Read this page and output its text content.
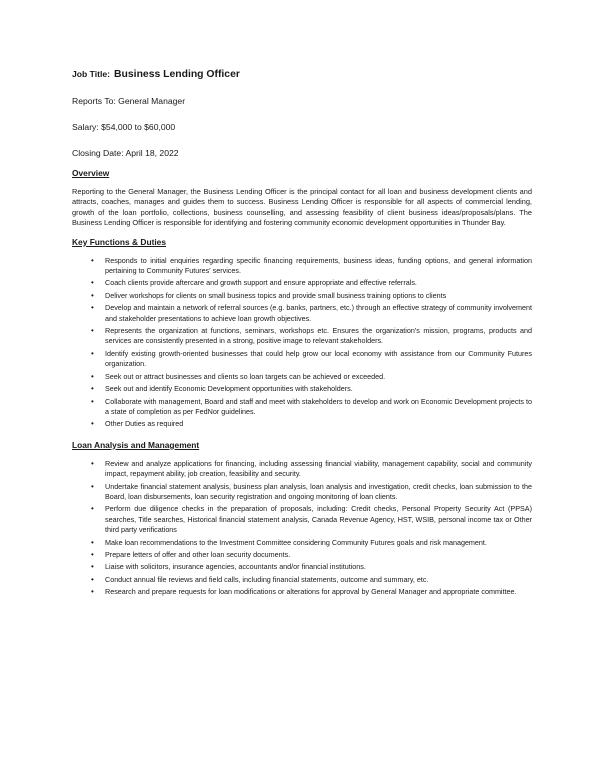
Job Title: Business Lending Officer
Reports To: General Manager
Salary: $54,000 to $60,000
Closing Date: April 18, 2022
Overview

Reporting to the General Manager, the Business Lending Officer is the principal contact for all loan and business development clients and attracts, coaches, manages and guides them to success. Business Lending Officer is responsible for all aspects of commercial lending, growth of the loan portfolio, collections, business counselling, and assessing feasibility of client business ideas/proposals/plans. The Business Lending Officer is responsible for identifying and fostering community economic development opportunities in Thunder Bay.

Key Functions & Duties
• Responds to initial enquiries regarding specific financing requirements, business ideas, funding options, and general information pertaining to Community Futures' services.
• Coach clients provide aftercare and growth support and ensure appropriate and effective referrals.
• Deliver workshops for clients on small business topics and provide small business training options to clients
• Develop and maintain a network of referral sources (e.g. banks, partners, etc.) through an effective strategy of community involvement and stakeholder presentations to achieve loan growth objectives.
• Represents the organization at functions, seminars, workshops etc. Ensures the organization's mission, programs, products and services are consistently presented in a strong, positive image to relevant stakeholders.
• Identify existing growth-oriented businesses that could help grow our local economy with assistance from our Community Futures organization.
• Seek out or attract businesses and clients so loan targets can be achieved or exceeded.
• Seek out and identify Economic Development opportunities with stakeholders.
• Collaborate with management, Board and staff and meet with stakeholders to develop and work on Economic Development projects to a state of completion as per FedNor guidelines.
• Other Duties as required
Loan Analysis and Management
• Review and analyze applications for financing, including assessing financial viability, management capability, social and community impact, repayment ability, job creation, feasibility and security.
• Undertake financial statement analysis, business plan analysis, loan analysis and investigation, credit checks, loan submission to the Board, loan disbursements, loan security registration and ongoing monitoring of loan clients.
• Perform due diligence checks in the preparation of proposals, including: Credit checks, Personal Property Security Act (PPSA) searches, Title searches, Historical financial statement analysis, Canada Revenue Agency, HST, WSIB, personal income tax or Other third party verifications
• Make loan recommendations to the Investment Committee considering Community Futures goals and risk management.
• Prepare letters of offer and other loan security documents.
• Liaise with solicitors, insurance agencies, accountants and/or financial institutions.
• Conduct annual file reviews and field calls, including financial statements, outcome and summary, etc.
• Research and prepare requests for loan modifications or alterations for approval by General Manager and appropriate committee.
